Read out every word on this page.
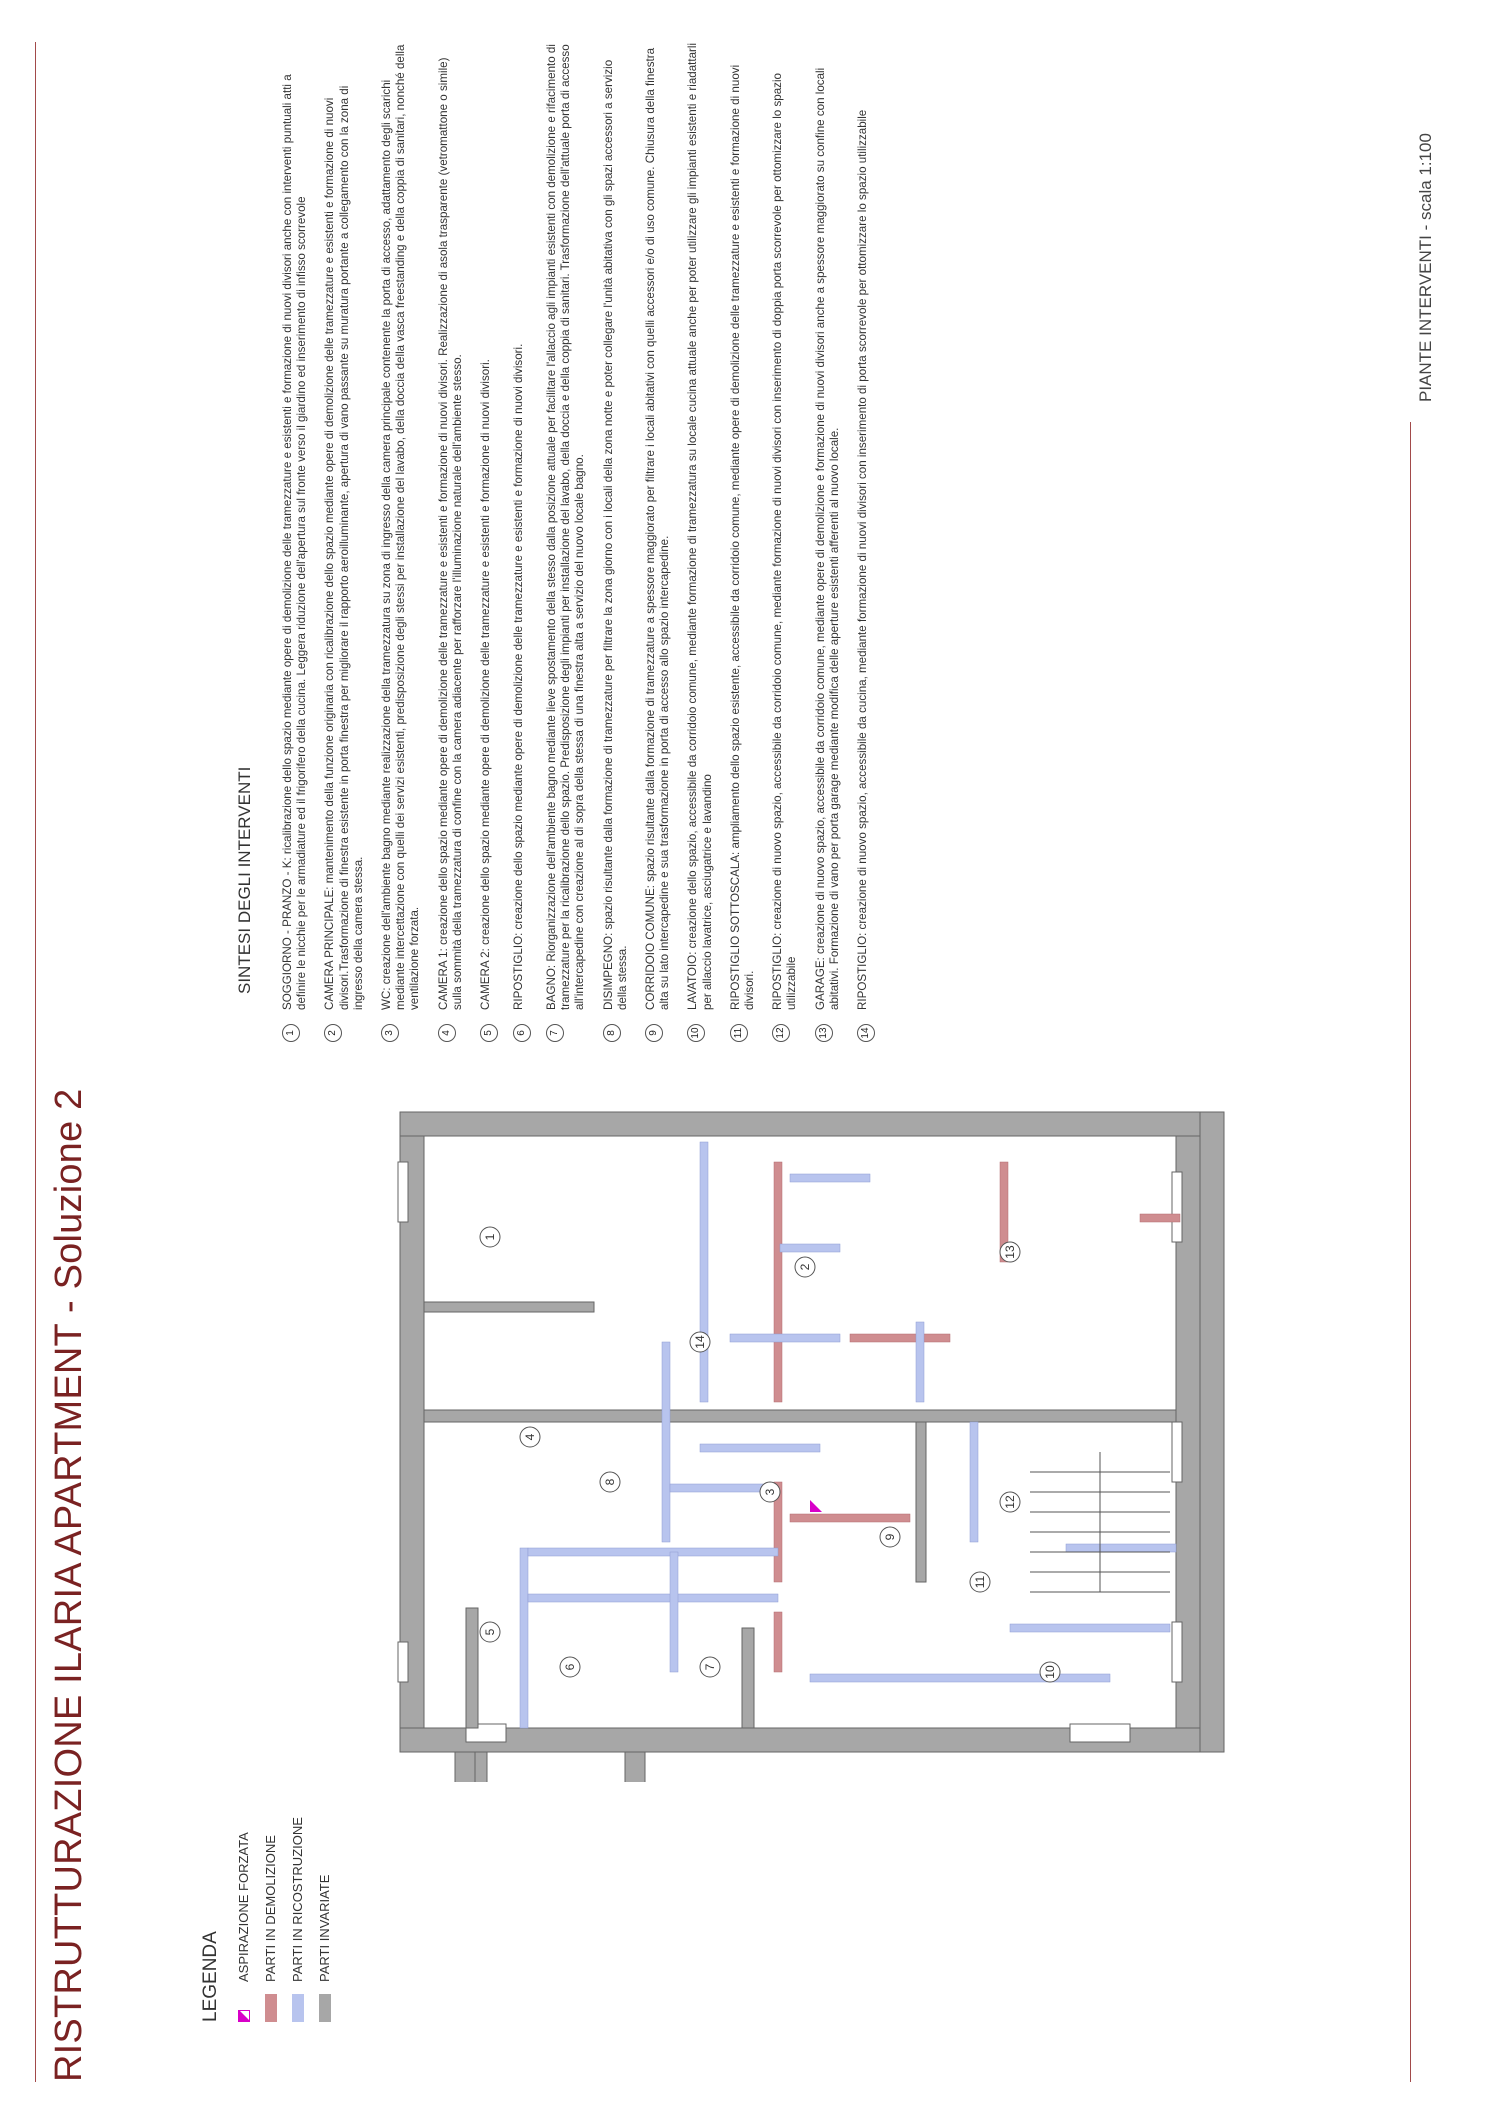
RISTRUTTURAZIONE ILARIA APARTMENT - Soluzione 2
PIANTE INTERVENTI - scala 1:100
LEGENDA ASPIRAZIONE FORZATA PARTI IN DEMOLIZIONE PARTI IN RICOSTRUZIONE PARTI INVARIATE
1
2
3
4
5
6	7
8
9
10
11
12
13
14
SINTESI DEGLI INTERVENTI
1
SOGGIORNO - PRANZO - K: ricalibrazione dello spazio mediante opere di demolizione delle tramezzature e esistenti e formazione di nuovi divisori anche con interventi puntuali atti a definire le nicchie per le armadiature ed il frigorifero della cucina. Leggera riduzione dell'apertura sul fronte verso il giardino ed inserimento di infisso scorrevole
2
CAMERA PRINCIPALE: mantenimento della funzione originaria con ricalibrazione dello spazio mediante opere di demolizione delle tramezzature e esistenti e formazione di nuovi divisori.Trasformazione di finestra esistente in porta finestra per migliorare il rapporto aeroilluminante, apertura di vano passante su muratura portante a collegamento con la zona di ingresso della camera stessa.
3
WC: creazione dell'ambiente bagno mediante realizzazione della tramezzatura su zona di ingresso della camera principale contenente la porta di accesso, adattamento degli scarichi mediante intercettazione con quelli dei servizi esistenti, predisposizione degli stessi per installazione del lavabo, della doccia della vasca freestanding e della coppia di sanitari, nonché della ventilazione forzata.
4
CAMERA 1: creazione dello spazio mediante opere di demolizione delle tramezzature e esistenti e formazione di nuovi divisori. Realizzazione di asola trasparente (vetromattone o simile) sulla sommità della tramezzatura di confine con la camera adiacente per rafforzare l'illuminazione naturale dell'ambiente stesso.
5
CAMERA 2: creazione dello spazio mediante opere di demolizione delle tramezzature e esistenti e formazione di nuovi divisori.
6
RIPOSTIGLIO: creazione dello spazio mediante opere di demolizione delle tramezzature e esistenti e formazione di nuovi divisori.
7
BAGNO: Riorganizzazione dell'ambiente bagno mediante lieve spostamento della stesso dalla posizione attuale per facilitare l'allaccio agli impianti esistenti con demolizione e rifacimento di tramezzature per la ricalibrazione dello spazio. Predisposizione degli impianti per installazione del lavabo, della doccia e della coppia di sanitari. Trasformazione dell'attuale porta di accesso all'intercapedine con creazione al di sopra della stessa di una finestra alta a servizio del nuovo locale bagno.
8
DISIMPEGNO: spazio risultante dalla formazione di tramezzature per filtrare la zona giorno con i locali della zona notte e poter collegare l'unità abitativa con gli spazi accessori a servizio della stessa.
9
CORRIDOIO COMUNE: spazio risultante dalla formazione di tramezzature a spessore maggiorato per filtrare i locali abitativi con quelli accessori e/o di uso comune. Chiusura della finestra alta su lato intercapedine e sua trasformazione in porta di accesso allo spazio intercapedine.
10
LAVATOIO: creazione dello spazio, accessibile da corridoio comune, mediante formazione di tramezzatura su locale cucina attuale anche per poter utilizzare gli impianti esistenti e riadattarli per allaccio lavatrice, asciugatrice e lavandino
11
RIPOSTIGLIO SOTTOSCALA: ampliamento dello spazio esistente, accessibile da corridoio comune, mediante opere di demolizione delle tramezzature e esistenti e formazione di nuovi divisori.
12
RIPOSTIGLIO: creazione di nuovo spazio, accessibile da corridoio comune, mediante formazione di nuovi divisori con inserimento di doppia porta scorrevole per ottomizzare lo spazio utilizzabile
13
GARAGE: creazione di nuovo spazio, accessibile da corridoio comune, mediante opere di demolizione e formazione di nuovi divisori anche a spessore maggiorato su confine con locali abitativi. Formazione di vano per porta garage mediante modifica delle aperture esistenti afferenti al nuovo locale.
14
RIPOSTIGLIO: creazione di nuovo spazio, accessibile da cucina, mediante formazione di nuovi divisori con inserimento di porta scorrevole per ottomizzare lo spazio utilizzabile
